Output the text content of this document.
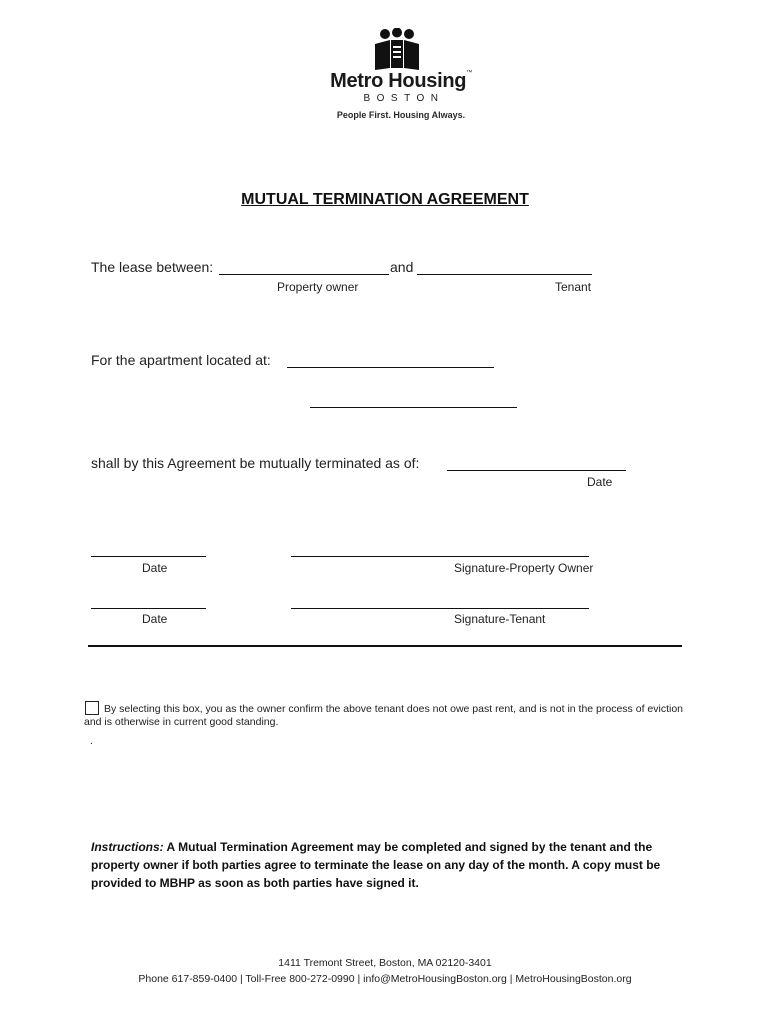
Metro Housing™
BOSTON
People First. Housing Always.
MUTUAL TERMINATION AGREEMENT
The lease between:	and
Property owner	Tenant
For the apartment located at:
shall by this Agreement be mutually terminated as of:
Date
Date	Signature-Property Owner
Date	Signature-Tenant
By selecting this box, you as the owner confirm the above tenant does not owe past rent, and is not in the process of eviction and is otherwise in current good standing.
.
Instructions: A Mutual Termination Agreement may be completed and signed by the tenant and the property owner if both parties agree to terminate the lease on any day of the month. A copy must be provided to MBHP as soon as both parties have signed it.
1411 Tremont Street, Boston, MA 02120-3401
Phone 617-859-0400 | Toll-Free 800-272-0990 | info@MetroHousingBoston.org | MetroHousingBoston.org
